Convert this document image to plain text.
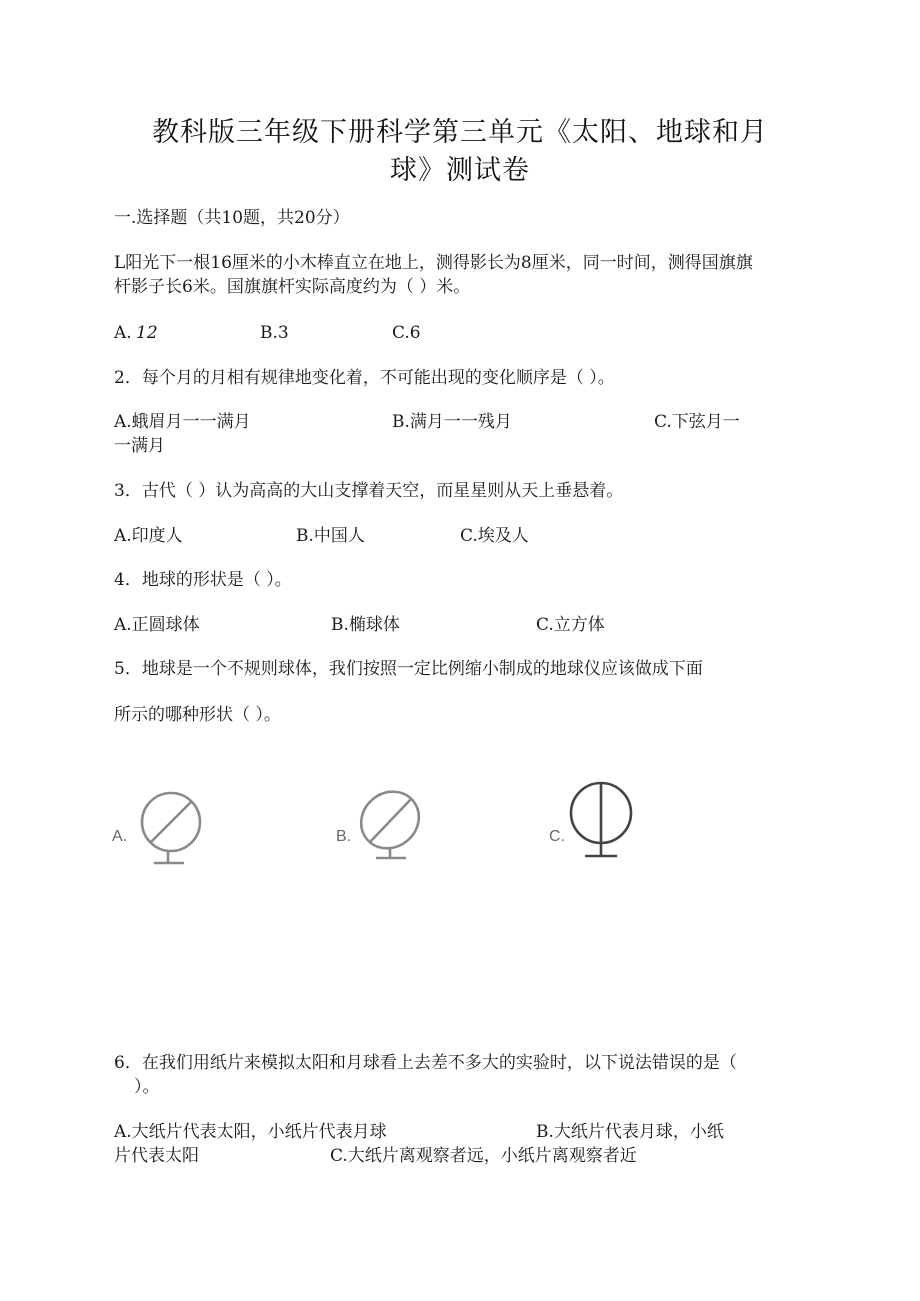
教科版三年级下册科学第三单元《太阳、地球和月
球》测试卷
一.选择题（共10题，共20分）
L阳光下一根16厘米的小木棒直立在地上，测得影长为8厘米，同一时间，测得国旗旗
杆影子长6米。国旗旗杆实际高度约为（ ）米。
A. 12	B.3	C.6
2．每个月的月相有规律地变化着，不可能出现的变化顺序是（ ）。
A.蛾眉月一一满月	B.满月一一残月	C.下弦月一
一满月
3．古代（ ）认为高高的大山支撑着天空，而星星则从天上垂悬着。
A.印度人	B.中国人	C.埃及人
4．地球的形状是（ ）。
A.正圆球体	B.椭球体	C.立方体
5．地球是一个不规则球体，我们按照一定比例缩小制成的地球仪应该做成下面
所示的哪种形状（ ）。
A.	B.	C.
6．在我们用纸片来模拟太阳和月球看上去差不多大的实验时，以下说法错误的是（
）。
A.大纸片代表太阳，小纸片代表月球	B.大纸片代表月球，小纸
片代表太阳	C.大纸片离观察者远，小纸片离观察者近
